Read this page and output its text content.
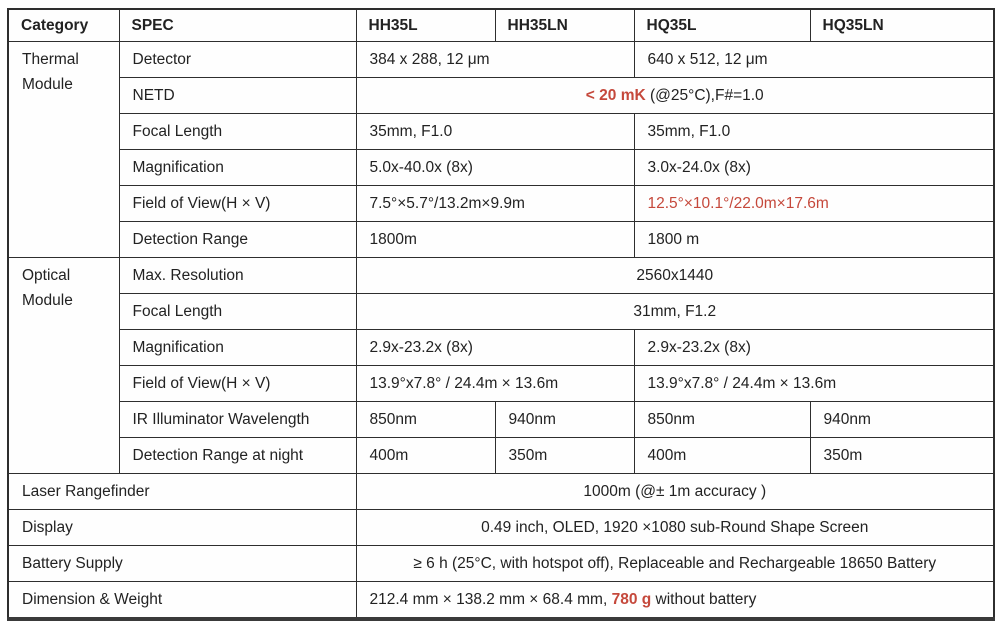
Category	SPEC	HH35L	HH35LN	HQ35L	HQ35LN
Thermal Module	Detector	384 x 288, 12 μm		640 x 512, 12 μm	
	NETD	< 20 mK (@25°C),F#=1.0			
	Focal Length	35mm, F1.0		35mm, F1.0	
	Magnification	5.0x-40.0x (8x)		3.0x-24.0x (8x)	
	Field of View(H × V)	7.5°×5.7°/13.2m×9.9m		12.5°×10.1°/22.0m×17.6m	
	Detection Range	1800m		1800 m	
Optical Module	Max. Resolution	2560x1440			
	Focal Length	31mm, F1.2			
	Magnification	2.9x-23.2x (8x)		2.9x-23.2x (8x)	
	Field of View(H × V)	13.9°x7.8° / 24.4m × 13.6m		13.9°x7.8° / 24.4m × 13.6m	
	IR Illuminator Wavelength	850nm	940nm	850nm	940nm
	Detection Range at night	400m	350m	400m	350m
Laser Rangefinder		1000m (@± 1m accuracy )			
Display		0.49 inch, OLED, 1920 ×1080 sub-Round Shape Screen			
Battery Supply		≥ 6 h (25°C, with hotspot off), Replaceable and Rechargeable 18650 Battery			
Dimension & Weight		212.4 mm × 138.2 mm × 68.4 mm, 780 g without battery			
